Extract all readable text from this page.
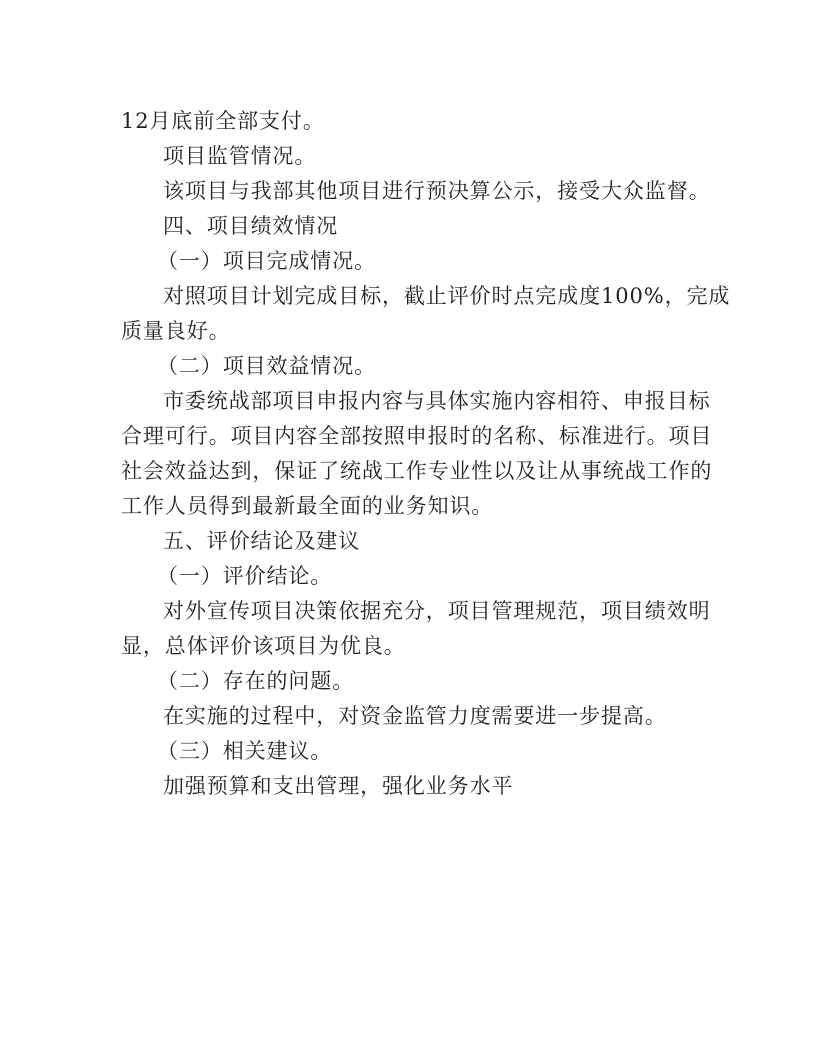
12月底前全部支付。
项目监管情况。
该项目与我部其他项目进行预决算公示，接受大众监督。
四、项目绩效情况
（一）项目完成情况。
对照项目计划完成目标，截止评价时点完成度100%，完成
质量良好。
（二）项目效益情况。
市委统战部项目申报内容与具体实施内容相符、申报目标
合理可行。项目内容全部按照申报时的名称、标准进行。项目
社会效益达到，保证了统战工作专业性以及让从事统战工作的
工作人员得到最新最全面的业务知识。
五、评价结论及建议
（一）评价结论。
对外宣传项目决策依据充分，项目管理规范，项目绩效明
显，总体评价该项目为优良。
（二）存在的问题。
在实施的过程中，对资金监管力度需要进一步提高。
（三）相关建议。
加强预算和支出管理，强化业务水平
